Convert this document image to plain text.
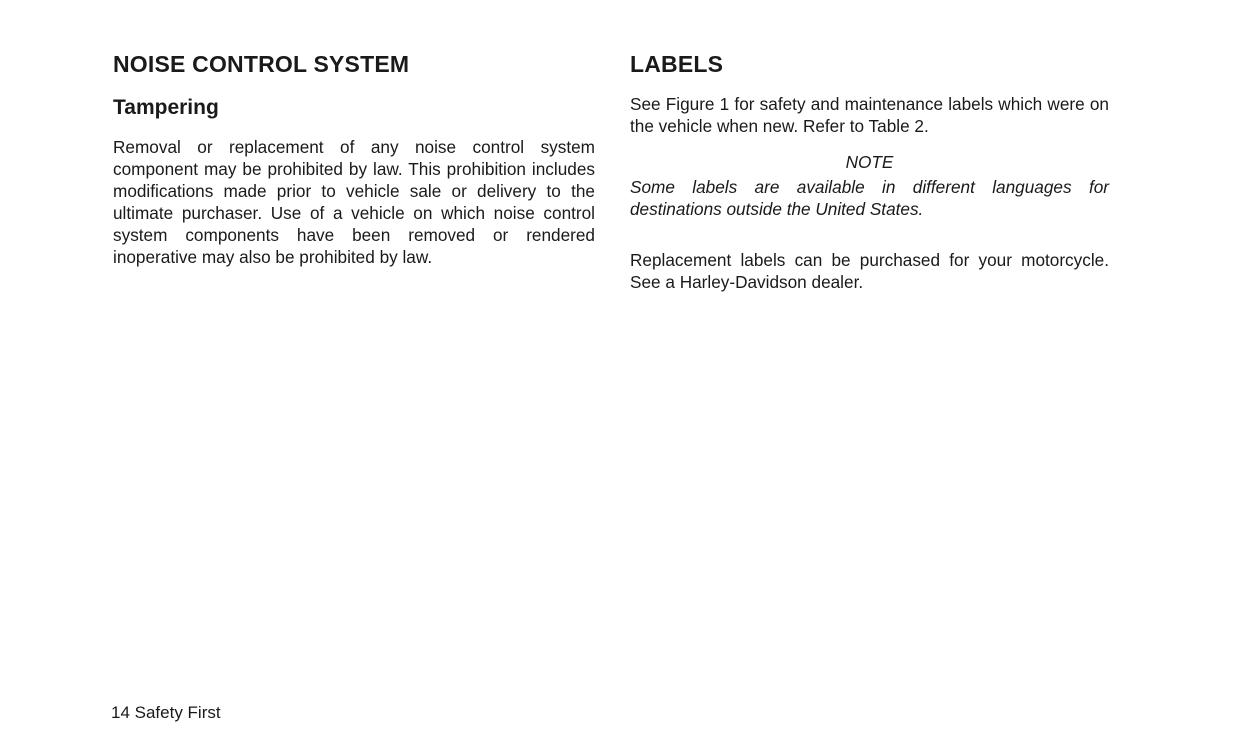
NOISE CONTROL SYSTEM
Tampering

Removal or replacement of any noise control system component may be prohibited by law. This prohibition includes modifications made prior to vehicle sale or delivery to the ultimate purchaser. Use of a vehicle on which noise control system components have been removed or rendered inoperative may also be prohibited by law.

LABELS

See Figure 1 for safety and maintenance labels which were on the vehicle when new. Refer to Table 2.

NOTE

Some labels are available in different languages for destinations outside the United States.

Replacement labels can be purchased for your motorcycle. See a Harley-Davidson dealer.

14 Safety First
